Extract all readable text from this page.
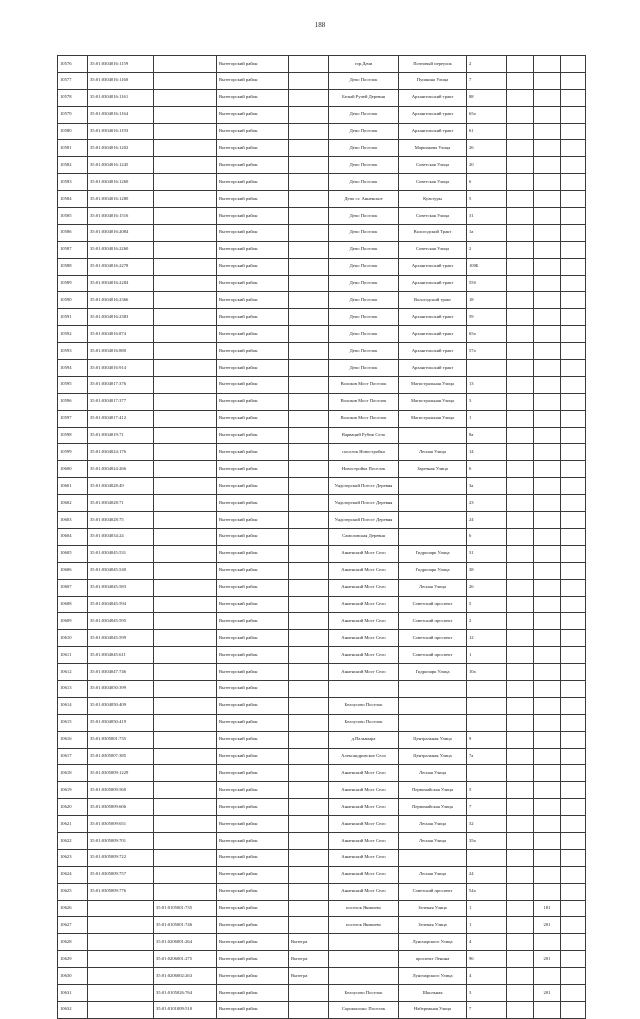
188
10576	35:01:0304016:1159		Вытегорский район		гор.Дачи	Почтовый переулок	2			
10577	35:01:0304016:1160		Вытегорский район		Депо Поселок	Пушкина Улица	7			
10578	35:01:0304016:1161		Вытегорский район		Белый Ручей Деревня	Архангельский тракт	88			
10579	35:01:0304016:1164		Вытегорский район		Депо Поселок	Архангельский тракт	65а			
10580	35:01:0304016:1193		Вытегорский район		Депо Поселок	Архангельский тракт	61			
10581	35:01:0304016:1202		Вытегорский район		Депо Поселок	Маршакова Улица	26			
10582	35:01:0304016:1245		Вытегорский район		Депо Поселок	Советская Улица	20			
10583	35:01:0304016:1260		Вытегорский район		Депо Поселок	Советская Улица	6			
10584	35:01:0304016:1280		Вытегорский район		Депо ст. Анненское	Культуры	5			
10585	35:01:0304016:1516		Вытегорский район		Депо Поселок	Советская Улица	31			
10586	35:01:0304016:2084		Вытегорский район		Депо Поселок	Вологодский Тракт	1а			
10587	35:01:0304016:2260		Вытегорский район		Депо Поселок	Советская Улица	2			
10588	35:01:0304016:2278		Вытегорский район		Депо Поселок	Архангельский тракт	100Б			
10589	35:01:0304016:2284		Вытегорский район		Депо Поселок	Архангельский тракт	55б			
10590	35:01:0304016:2366		Вытегорский район		Депо Поселок	Вологодский тракт	18			
10591	35:01:0304016:2383		Вытегорский район		Депо Поселок	Архангельский тракт	59			
10592	35:01:0304016:874		Вытегорский район		Депо Поселок	Архангельский тракт	65а			
10593	35:01:0304016:880		Вытегорский район		Депо Поселок	Архангельский тракт	57а			
10594	35:01:0304016:914		Вытегорский район		Депо Поселок	Архангельский тракт				
10595	35:01:0304017:376		Вытегорский район		Волоков Мост Поселок	Магистральная Улица	13			
10596	35:01:0304017:377		Вытегорский район		Волоков Мост Поселок	Магистральная Улица	3			
10597	35:01:0304017:412		Вытегорский район		Волоков Мост Поселок	Магистральная Улица	1			
10598	35:01:0304019:71		Вытегорский район		Варваций Рубеж Село		8а			
10599	35:01:0304024:176		Вытегорский район		поселок Новостройка	Лесная Улица	14			
10600	35:01:0304024:266		Вытегорский район		Новостройка Поселок	Заречная Улица	6			
10601	35:01:0304028:49		Вытегорский район		Ундозерский Погост Деревня		3а			
10602	35:01:0304028:71		Вытегорский район		Ундозерский Погост Деревня		23			
10603	35:01:0304028:75		Вытегорский район		Ундозерский Погост Деревня		24			
10604	35:01:0304034:24		Вытегорский район		Самоловская Деревня		6			
10605	35:01:0304045:531		Вытегорский район		Анненский Мост Село	Гидропарк Улица	31			
10606	35:01:0304045:540		Вытегорский район		Анненский Мост Село	Гидропарк Улица	38			
10607	35:01:0304045:583		Вытегорский район		Анненский Мост Село	Лесная Улица	26			
10608	35:01:0304045:594		Вытегорский район		Анненский Мост Село	Советский проспект	5			
10609	35:01:0304045:595		Вытегорский район		Анненский Мост Село	Советский проспект	2			
10610	35:01:0304045:599		Вытегорский район		Анненский Мост Село	Советский проспект	12			
10611	35:01:0304045:611		Вытегорский район		Анненский Мост Село	Советский проспект	1			
10612	35:01:0304047:746		Вытегорский район		Анненский Мост Село	Гидропарк Улица	10а			
10613	35:01:0304050:399		Вытегорский район							
10614	35:01:0304050:409		Вытегорский район		Белоусово Поселок					
10615	35:01:0304050:419		Вытегорский район		Белоусово Поселок					
10616	35:01:0305001:735		Вытегорский район		д.Пальваара	Центральная Улица	9			
10617	35:01:0305007:385		Вытегорский район		Александровское Село	Центральная Улица	7а			
10618	35:01:0305009:1229		Вытегорский район		Анненский Мост Село	Лесная Улица				
10619	35:01:0305009:560		Вытегорский район		Анненский Мост Село	Первомайская Улица	5			
10620	35:01:0305009:606		Вытегорский район		Анненский Мост Село	Первомайская Улица	7			
10621	35:01:0305009:651		Вытегорский район		Анненский Мост Село	Лесная Улица	32			
10622	35:01:0305009:701		Вытегорский район		Анненский Мост Село	Лесная Улица	35а			
10623	35:01:0305009:722		Вытегорский район		Анненский Мост Село					
10624	35:01:0305009:757		Вытегорский район		Анненский Мост Село	Лесная Улица	24			
10625	35:01:0305009:776		Вытегорский район		Анненский Мост Село	Советский проспект	54а			
10626		35:01:0105001:735	Вытегорский район		поселок Янишево	Зеленая Улица	1		181	
10627		35:01:0105001:746	Вытегорский район		поселок Янишево	Зеленая Улица	1		201	
10628		35:01:0206001:264	Вытегорский район	Вытегра		Луночарского Улица	4			
10629		35:01:0206001:275	Вытегорский район	Вытегра		проспект Ленина	96		201	
10630		35:01:0206002:263	Вытегорский район	Вытегра		Луночарского Улица	4			
10631		35:01:0105026:764	Вытегорский район		Белоусово Поселок	Школьная	3		201	
10632		35:01:0101009:510	Вытегорский район		Сорокопольс Поселок	Набережная Улица	7			
